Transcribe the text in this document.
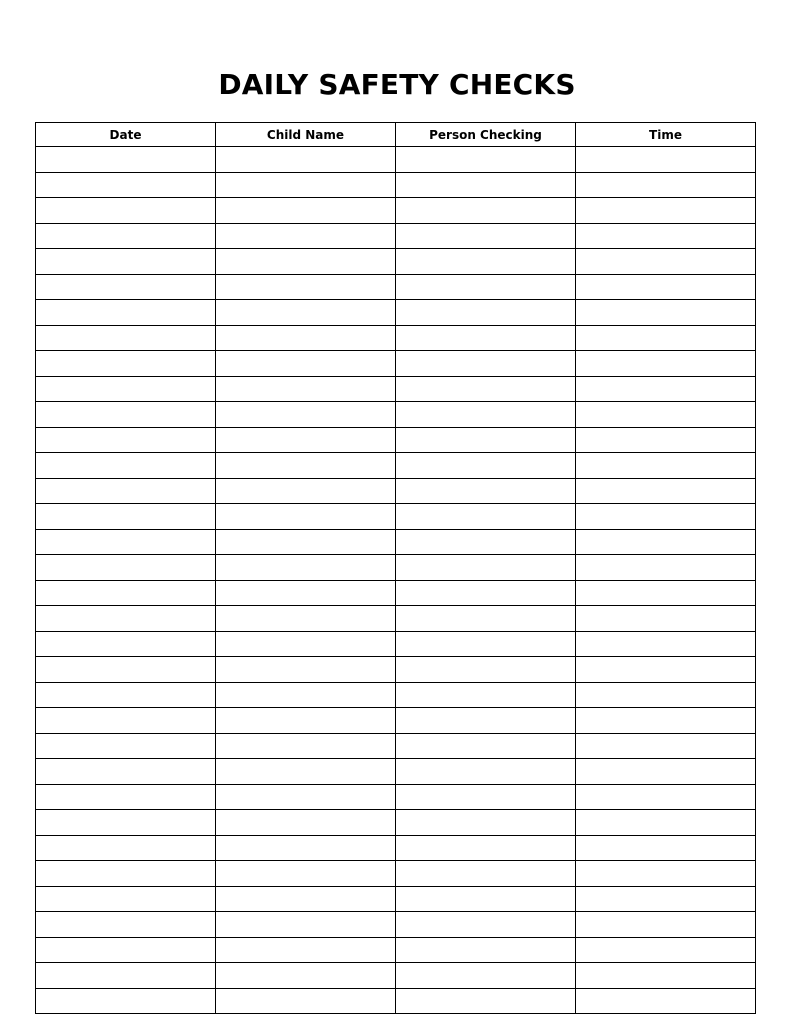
DAILY SAFETY CHECKS
Date	Child Name	Person Checking	Time
